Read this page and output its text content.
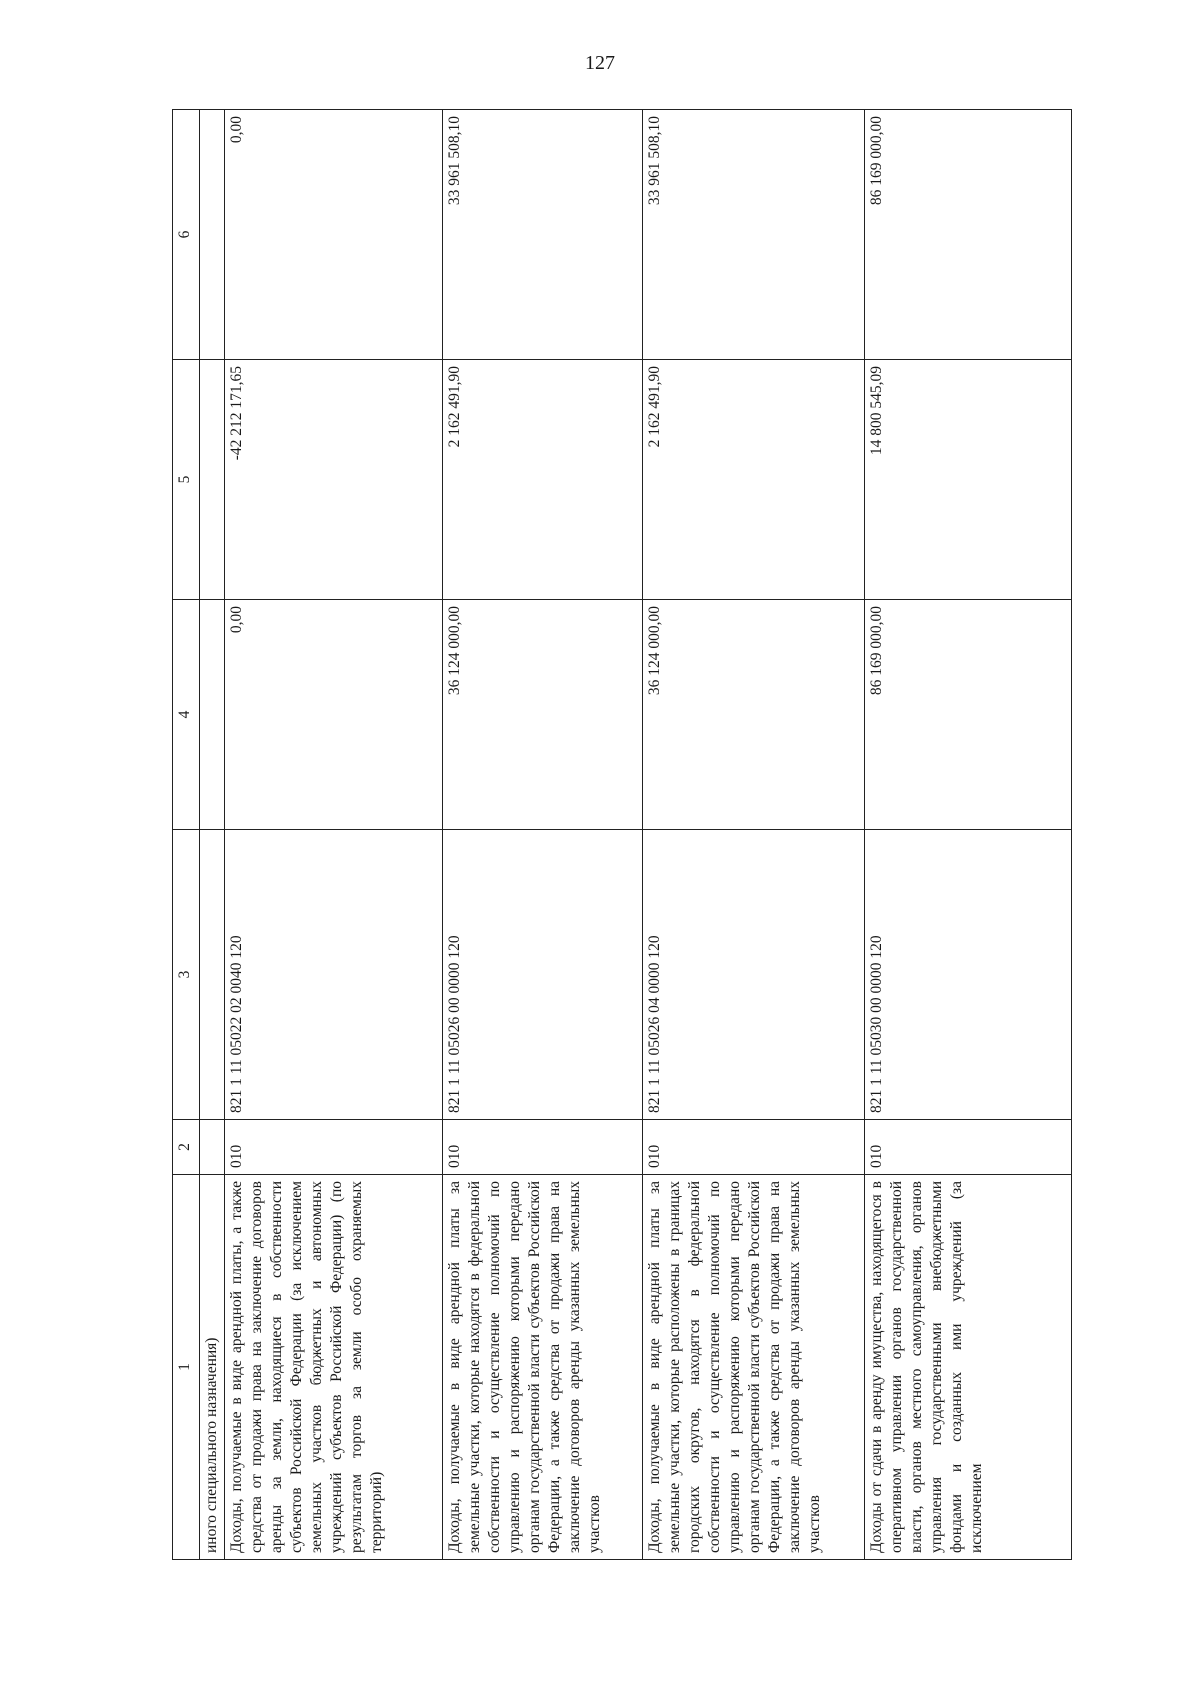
127
1	2	3	4	5	6
иного специального назначения)					
Доходы, получаемые в виде арендной платы, а также средства от продажи права на заключение договоров аренды за земли, находящиеся в собственности субъектов Российской Федерации (за исключением земельных участков бюджетных и автономных учреждений субъектов Российской Федерации) (по результатам торгов за земли особо охраняемых территорий)	010	821 1 11 05022 02 0040 120	0,00	-42 212 171,65	0,00
Доходы, получаемые в виде арендной платы за земельные участки, которые находятся в федеральной собственности и осуществление полномочий по управлению и распоряжению которыми передано органам государственной власти субъектов Российской Федерации, а также средства от продажи права на заключение договоров аренды указанных земельных участков	010	821 1 11 05026 00 0000 120	36 124 000,00	2 162 491,90	33 961 508,10
Доходы, получаемые в виде арендной платы за земельные участки, которые расположены в границах городских округов, находятся в федеральной собственности и осуществление полномочий по управлению и распоряжению которыми передано органам государственной власти субъектов Российской Федерации, а также средства от продажи права на заключение договоров аренды указанных земельных участков	010	821 1 11 05026 04 0000 120	36 124 000,00	2 162 491,90	33 961 508,10
Доходы от сдачи в аренду имущества, находящегося в оперативном управлении органов государственной власти, органов местного самоуправления, органов управления государственными внебюджетными фондами и созданных ими учреждений (за исключением	010	821 1 11 05030 00 0000 120	86 169 000,00	14 800 545,09	86 169 000,00
